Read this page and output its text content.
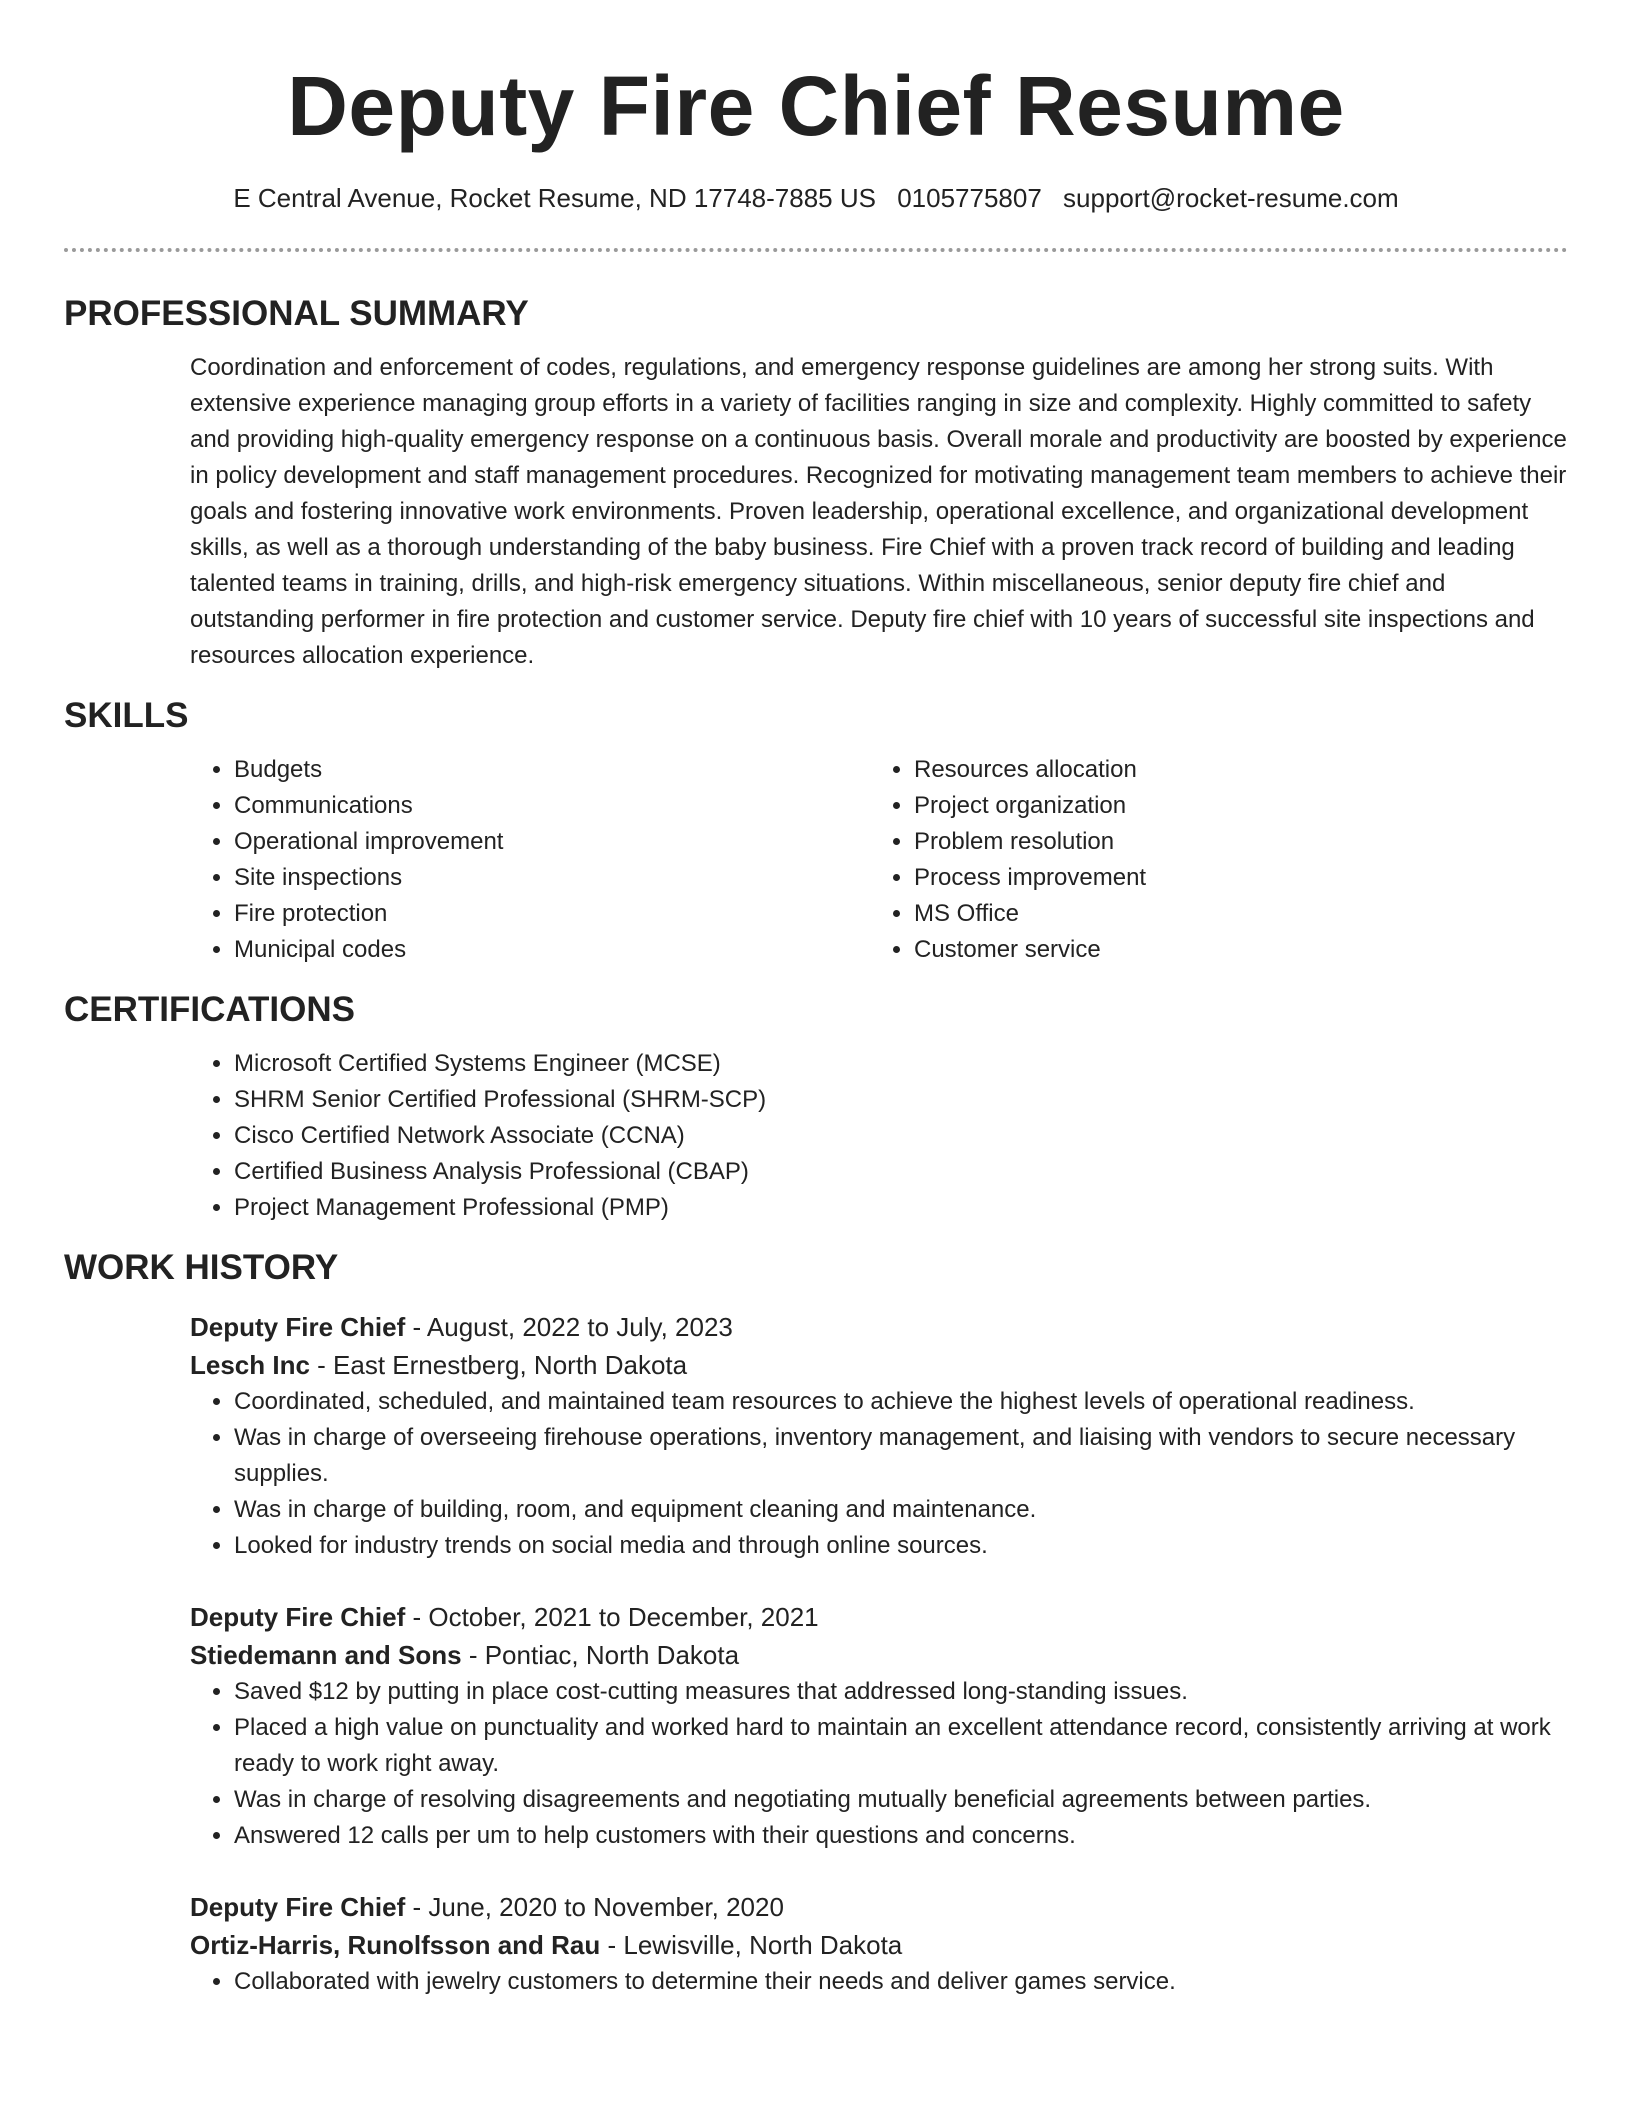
Deputy Fire Chief Resume
E Central Avenue, Rocket Resume, ND 17748-7885 US 0105775807 support@rocket-resume.com
PROFESSIONAL SUMMARY

Coordination and enforcement of codes, regulations, and emergency response guidelines are among her strong suits. With extensive experience managing group efforts in a variety of facilities ranging in size and complexity. Highly committed to safety and providing high-quality emergency response on a continuous basis. Overall morale and productivity are boosted by experience in policy development and staff management procedures. Recognized for motivating management team members to achieve their goals and fostering innovative work environments. Proven leadership, operational excellence, and organizational development skills, as well as a thorough understanding of the baby business. Fire Chief with a proven track record of building and leading talented teams in training, drills, and high-risk emergency situations. Within miscellaneous, senior deputy fire chief and outstanding performer in fire protection and customer service. Deputy fire chief with 10 years of successful site inspections and resources allocation experience.

SKILLS
• Budgets
• Communications
• Operational improvement
• Site inspections
• Fire protection
• Municipal codes
• Resources allocation
• Project organization
• Problem resolution
• Process improvement
• MS Office
• Customer service
CERTIFICATIONS
• Microsoft Certified Systems Engineer (MCSE)
• SHRM Senior Certified Professional (SHRM-SCP)
• Cisco Certified Network Associate (CCNA)
• Certified Business Analysis Professional (CBAP)
• Project Management Professional (PMP)
WORK HISTORY
Deputy Fire Chief - August, 2022 to July, 2023
Lesch Inc - East Ernestberg, North Dakota
• Coordinated, scheduled, and maintained team resources to achieve the highest levels of operational readiness.
• Was in charge of overseeing firehouse operations, inventory management, and liaising with vendors to secure necessary supplies.
• Was in charge of building, room, and equipment cleaning and maintenance.
• Looked for industry trends on social media and through online sources.
Deputy Fire Chief - October, 2021 to December, 2021
Stiedemann and Sons - Pontiac, North Dakota
• Saved $12 by putting in place cost-cutting measures that addressed long-standing issues.
• Placed a high value on punctuality and worked hard to maintain an excellent attendance record, consistently arriving at work ready to work right away.
• Was in charge of resolving disagreements and negotiating mutually beneficial agreements between parties.
• Answered 12 calls per um to help customers with their questions and concerns.
Deputy Fire Chief - June, 2020 to November, 2020
Ortiz-Harris, Runolfsson and Rau - Lewisville, North Dakota
• Collaborated with jewelry customers to determine their needs and deliver games service.
